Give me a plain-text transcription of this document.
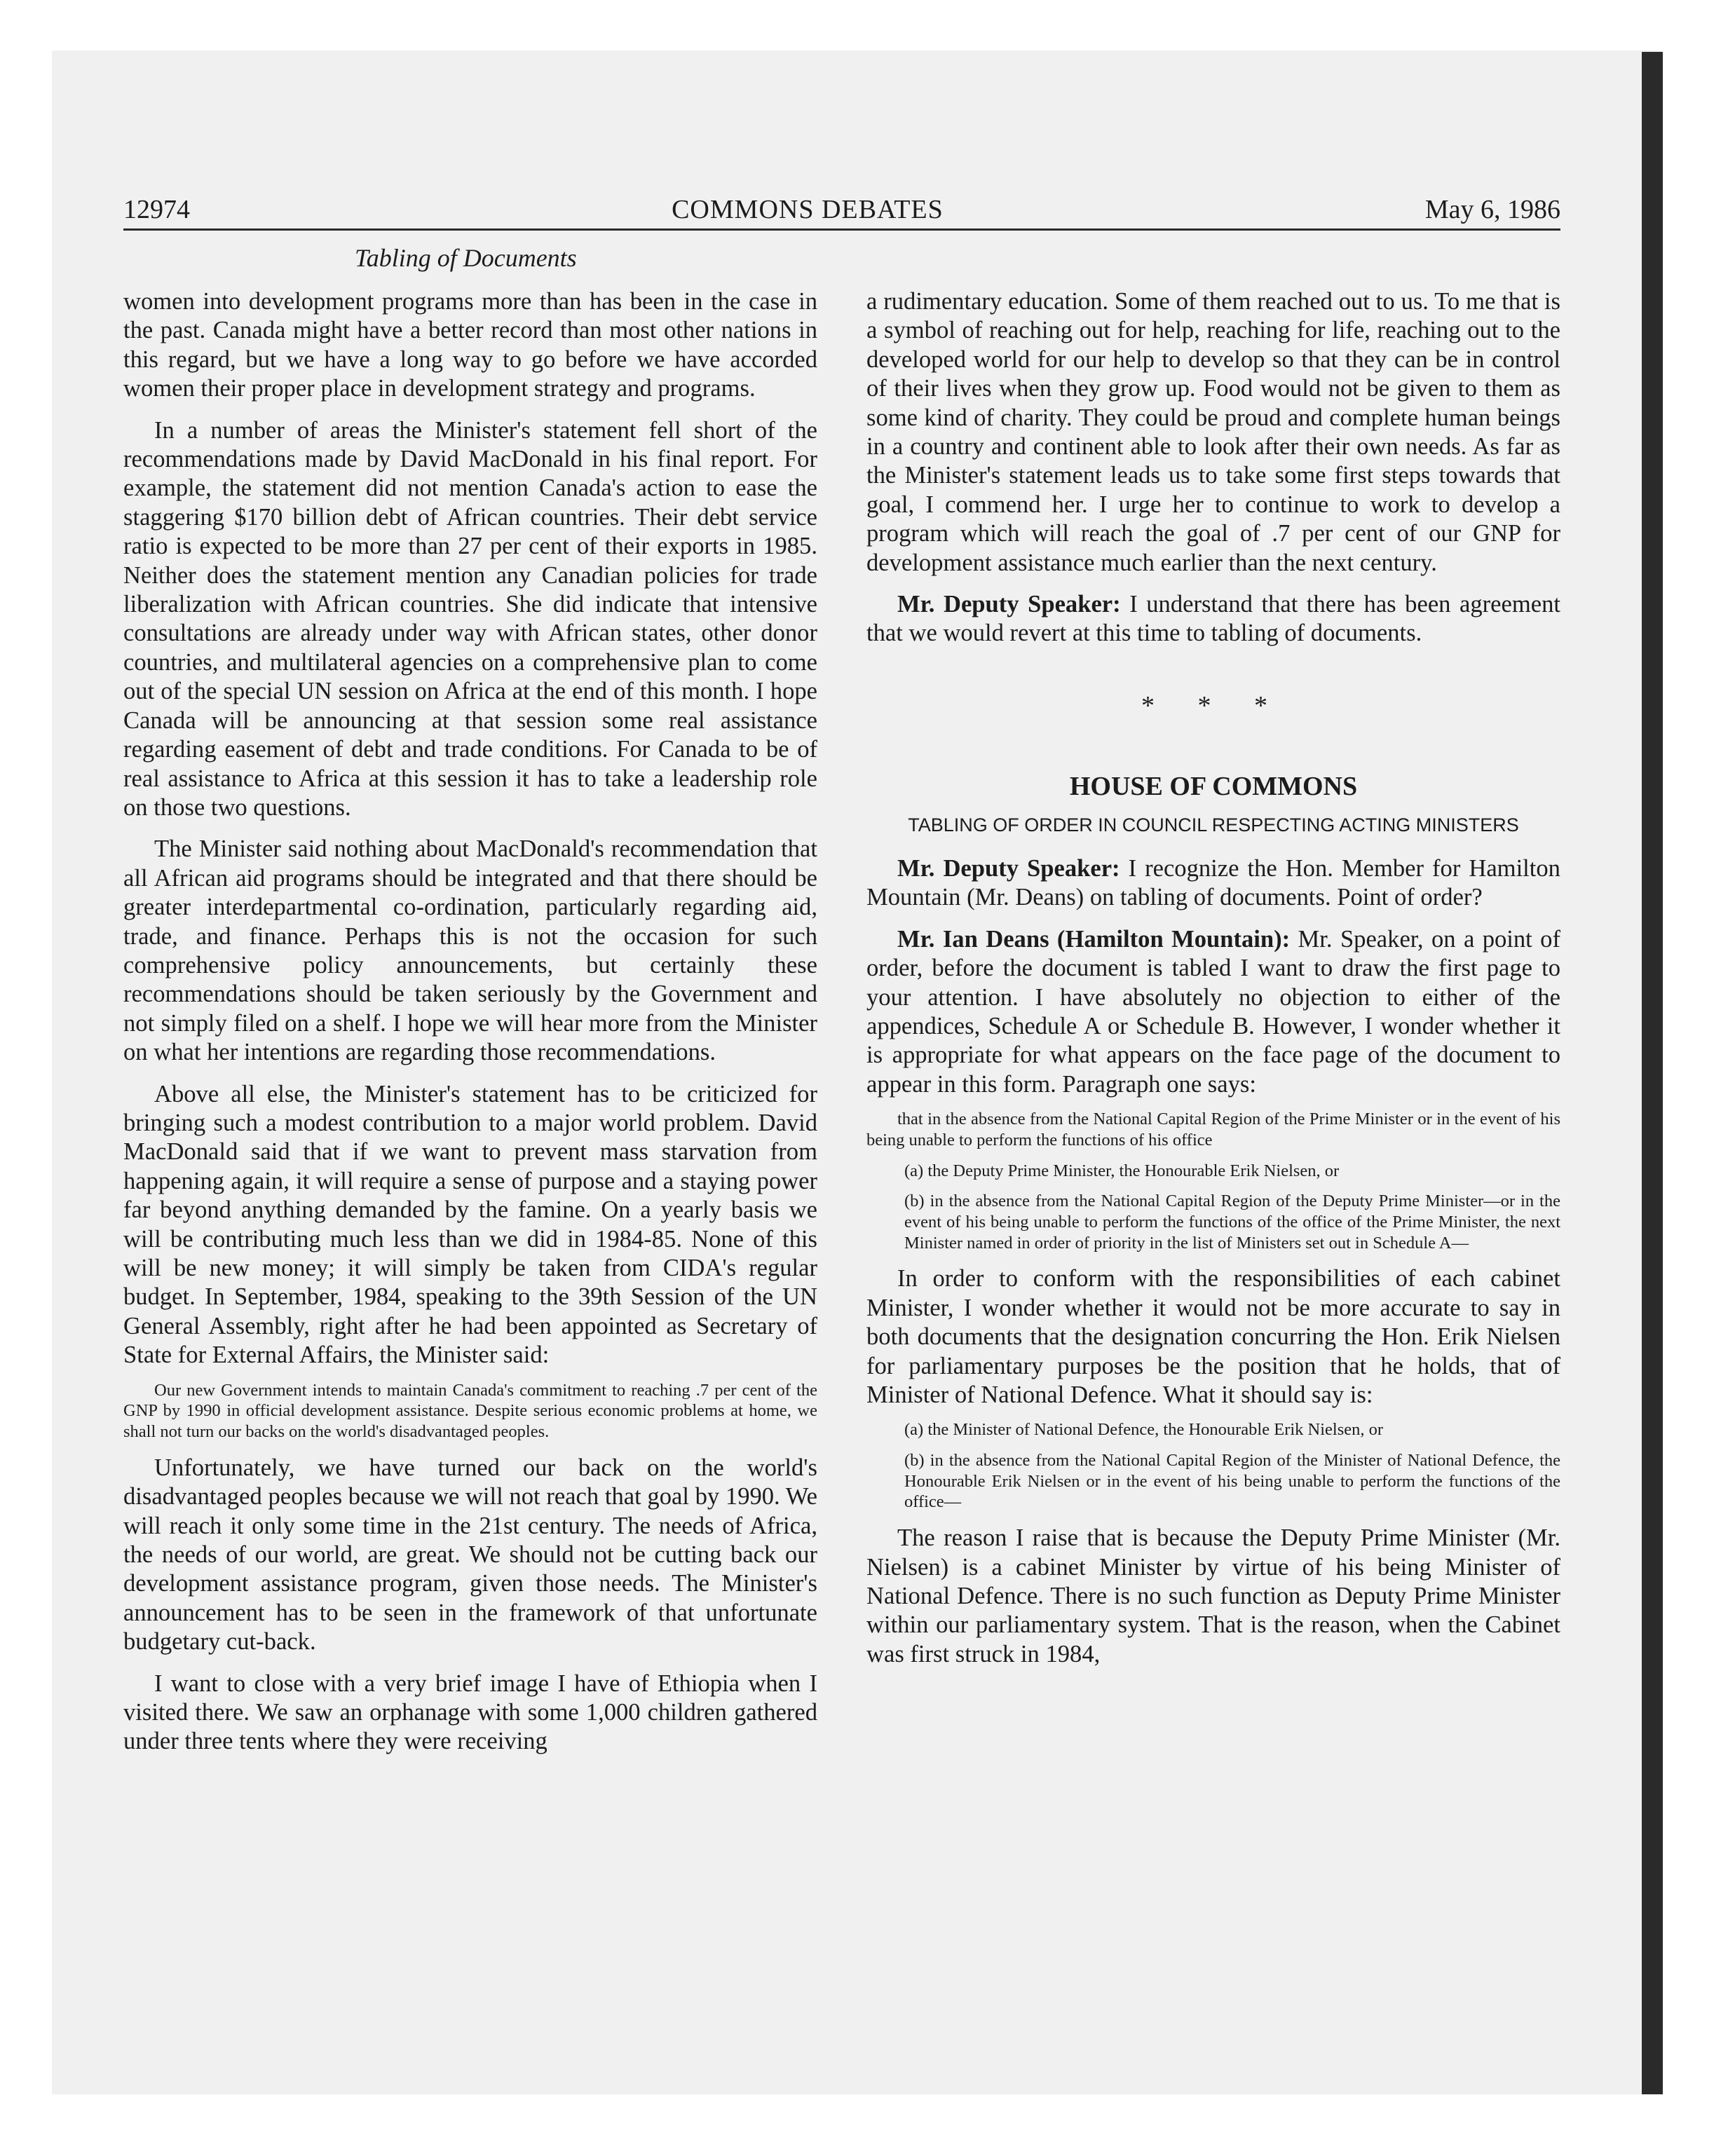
12974	COMMONS DEBATES	May 6, 1986
Tabling of Documents

women into development programs more than has been in the case in the past. Canada might have a better record than most other nations in this regard, but we have a long way to go before we have accorded women their proper place in development strategy and programs.

In a number of areas the Minister's statement fell short of the recommendations made by David MacDonald in his final report. For example, the statement did not mention Canada's action to ease the staggering $170 billion debt of African countries. Their debt service ratio is expected to be more than 27 per cent of their exports in 1985. Neither does the statement mention any Canadian policies for trade liberalization with African countries. She did indicate that intensive consultations are already under way with African states, other donor countries, and multilateral agencies on a comprehensive plan to come out of the special UN session on Africa at the end of this month. I hope Canada will be announcing at that session some real assistance regarding easement of debt and trade conditions. For Canada to be of real assistance to Africa at this session it has to take a leadership role on those two questions.

The Minister said nothing about MacDonald's recommendation that all African aid programs should be integrated and that there should be greater interdepartmental co-ordination, particularly regarding aid, trade, and finance. Perhaps this is not the occasion for such comprehensive policy announcements, but certainly these recommendations should be taken seriously by the Government and not simply filed on a shelf. I hope we will hear more from the Minister on what her intentions are regarding those recommendations.

Above all else, the Minister's statement has to be criticized for bringing such a modest contribution to a major world problem. David MacDonald said that if we want to prevent mass starvation from happening again, it will require a sense of purpose and a staying power far beyond anything demanded by the famine. On a yearly basis we will be contributing much less than we did in 1984-85. None of this will be new money; it will simply be taken from CIDA's regular budget. In September, 1984, speaking to the 39th Session of the UN General Assembly, right after he had been appointed as Secretary of State for External Affairs, the Minister said:

Our new Government intends to maintain Canada's commitment to reaching .7 per cent of the GNP by 1990 in official development assistance. Despite serious economic problems at home, we shall not turn our backs on the world's disadvantaged peoples.

Unfortunately, we have turned our back on the world's disadvantaged peoples because we will not reach that goal by 1990. We will reach it only some time in the 21st century. The needs of Africa, the needs of our world, are great. We should not be cutting back our development assistance program, given those needs. The Minister's announcement has to be seen in the framework of that unfortunate budgetary cut-back.

I want to close with a very brief image I have of Ethiopia when I visited there. We saw an orphanage with some 1,000 children gathered under three tents where they were receiving

a rudimentary education. Some of them reached out to us. To me that is a symbol of reaching out for help, reaching for life, reaching out to the developed world for our help to develop so that they can be in control of their lives when they grow up. Food would not be given to them as some kind of charity. They could be proud and complete human beings in a country and continent able to look after their own needs. As far as the Minister's statement leads us to take some first steps towards that goal, I commend her. I urge her to continue to work to develop a program which will reach the goal of .7 per cent of our GNP for development assistance much earlier than the next century.

Mr. Deputy Speaker: I understand that there has been agreement that we would revert at this time to tabling of documents.

* * *
HOUSE OF COMMONS
TABLING OF ORDER IN COUNCIL RESPECTING ACTING MINISTERS

Mr. Deputy Speaker: I recognize the Hon. Member for Hamilton Mountain (Mr. Deans) on tabling of documents. Point of order?

Mr. Ian Deans (Hamilton Mountain): Mr. Speaker, on a point of order, before the document is tabled I want to draw the first page to your attention. I have absolutely no objection to either of the appendices, Schedule A or Schedule B. However, I wonder whether it is appropriate for what appears on the face page of the document to appear in this form. Paragraph one says:

that in the absence from the National Capital Region of the Prime Minister or in the event of his being unable to perform the functions of his office
(a) the Deputy Prime Minister, the Honourable Erik Nielsen, or
(b) in the absence from the National Capital Region of the Deputy Prime Minister—or in the event of his being unable to perform the functions of the office of the Prime Minister, the next Minister named in order of priority in the list of Ministers set out in Schedule A—

In order to conform with the responsibilities of each cabinet Minister, I wonder whether it would not be more accurate to say in both documents that the designation concurring the Hon. Erik Nielsen for parliamentary purposes be the position that he holds, that of Minister of National Defence. What it should say is:

(a) the Minister of National Defence, the Honourable Erik Nielsen, or
(b) in the absence from the National Capital Region of the Minister of National Defence, the Honourable Erik Nielsen or in the event of his being unable to perform the functions of the office—

The reason I raise that is because the Deputy Prime Minister (Mr. Nielsen) is a cabinet Minister by virtue of his being Minister of National Defence. There is no such function as Deputy Prime Minister within our parliamentary system. That is the reason, when the Cabinet was first struck in 1984,
